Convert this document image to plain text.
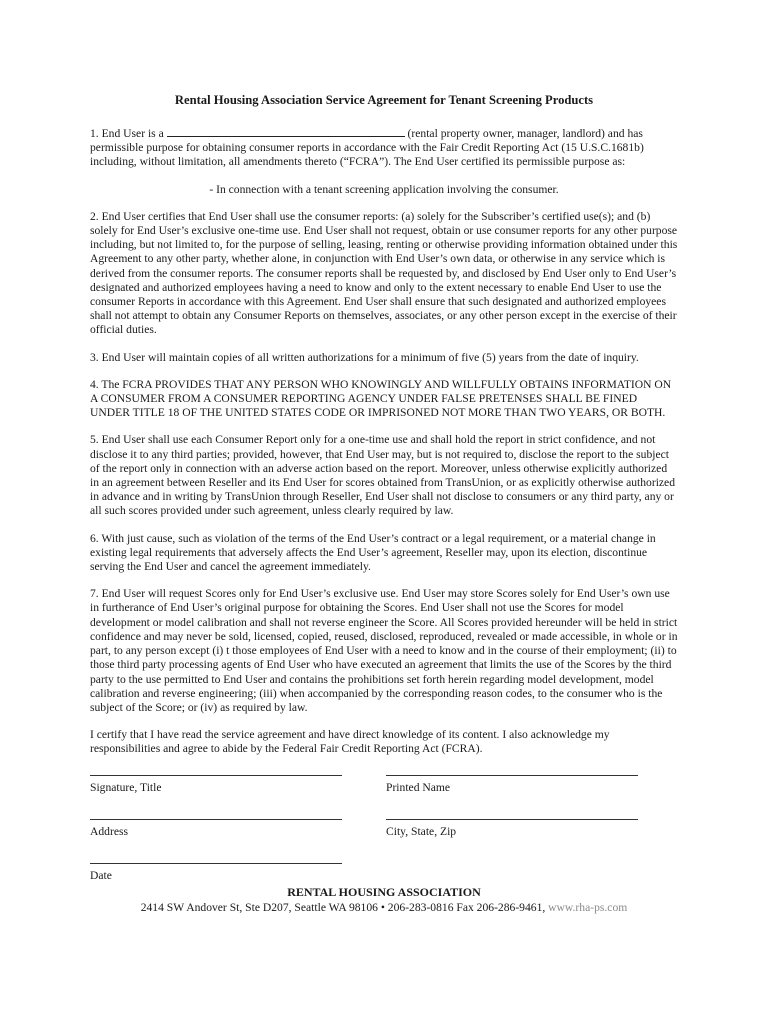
Rental Housing Association Service Agreement for Tenant Screening Products
1. End User is a	(rental property owner, manager, landlord) and has permissible purpose for obtaining consumer reports in accordance with the Fair Credit Reporting Act (15 U.S.C.1681b) including, without limitation, all amendments thereto (“FCRA”). The End User certified its permissible purpose as:
- In connection with a tenant screening application involving the consumer.
2. End User certifies that End User shall use the consumer reports: (a) solely for the Subscriber’s certified use(s); and (b) solely for End User’s exclusive one-time use. End User shall not request, obtain or use consumer reports for any other purpose including, but not limited to, for the purpose of selling, leasing, renting or otherwise providing information obtained under this Agreement to any other party, whether alone, in conjunction with End User’s own data, or otherwise in any service which is derived from the consumer reports. The consumer reports shall be requested by, and disclosed by End User only to End User’s designated and authorized employees having a need to know and only to the extent necessary to enable End User to use the consumer Reports in accordance with this Agreement. End User shall ensure that such designated and authorized employees shall not attempt to obtain any Consumer Reports on themselves, associates, or any other person except in the exercise of their official duties.
3. End User will maintain copies of all written authorizations for a minimum of five (5) years from the date of inquiry.
4. The FCRA PROVIDES THAT ANY PERSON WHO KNOWINGLY AND WILLFULLY OBTAINS INFORMATION ON A CONSUMER FROM A CONSUMER REPORTING AGENCY UNDER FALSE PRETENSES SHALL BE FINED UNDER TITLE 18 OF THE UNITED STATES CODE OR IMPRISONED NOT MORE THAN TWO YEARS, OR BOTH.
5. End User shall use each Consumer Report only for a one-time use and shall hold the report in strict confidence, and not disclose it to any third parties; provided, however, that End User may, but is not required to, disclose the report to the subject of the report only in connection with an adverse action based on the report. Moreover, unless otherwise explicitly authorized in an agreement between Reseller and its End User for scores obtained from TransUnion, or as explicitly otherwise authorized in advance and in writing by TransUnion through Reseller, End User shall not disclose to consumers or any third party, any or all such scores provided under such agreement, unless clearly required by law.
6. With just cause, such as violation of the terms of the End User’s contract or a legal requirement, or a material change in existing legal requirements that adversely affects the End User’s agreement, Reseller may, upon its election, discontinue serving the End User and cancel the agreement immediately.
7. End User will request Scores only for End User’s exclusive use. End User may store Scores solely for End User’s own use in furtherance of End User’s original purpose for obtaining the Scores. End User shall not use the Scores for model development or model calibration and shall not reverse engineer the Score. All Scores provided hereunder will be held in strict confidence and may never be sold, licensed, copied, reused, disclosed, reproduced, revealed or made accessible, in whole or in part, to any person except (i) t those employees of End User with a need to know and in the course of their employment; (ii) to those third party processing agents of End User who have executed an agreement that limits the use of the Scores by the third party to the use permitted to End User and contains the prohibitions set forth herein regarding model development, model calibration and reverse engineering; (iii) when accompanied by the corresponding reason codes, to the consumer who is the subject of the Score; or (iv) as required by law.
I certify that I have read the service agreement and have direct knowledge of its content. I also acknowledge my responsibilities and agree to abide by the Federal Fair Credit Reporting Act (FCRA).
Signature, Title	Printed Name
Address	City, State, Zip
Date
RENTAL HOUSING ASSOCIATION
2414 SW Andover St, Ste D207, Seattle WA 98106 • 206-283-0816 Fax 206-286-9461, www.rha-ps.com
